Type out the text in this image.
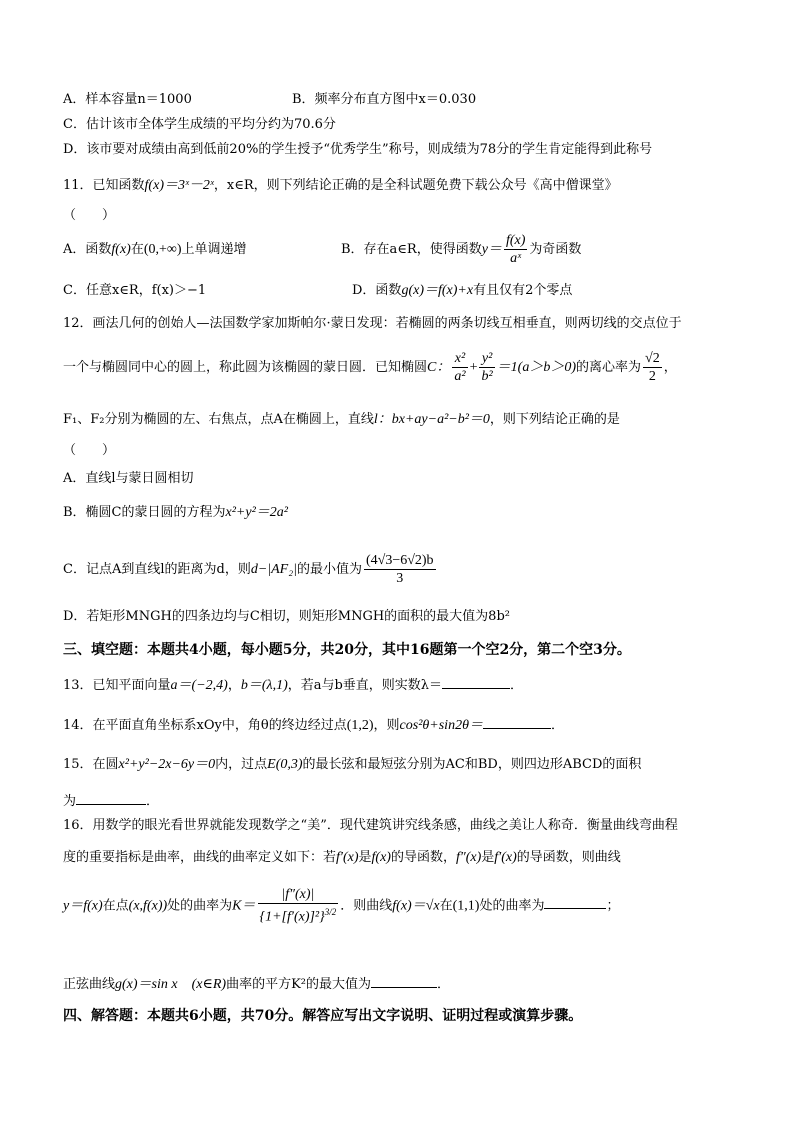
A．样本容量n＝1000	B．频率分布直方图中x＝0.030
C．估计该市全体学生成绩的平均分约为70.6分
D．该市要对成绩由高到低前20%的学生授予“优秀学生”称号，则成绩为78分的学生肯定能得到此称号
11．已知函数f(x)＝3ˣ－2ˣ，x∈R，则下列结论正确的是全科试题免费下载公众号《高中僧课堂》
（　　）
A．函数f(x)在(0,+∞)上单调递增	B．存在a∈R，使得函数$y= \frac{f(x)}{\text{aˣ}}$ 为奇函数
C．任意x∈R，f(x)＞−1	D．函数g(x)＝f(x)+x有且仅有2个零点
12．画法几何的创始人—法国数学家加斯帕尔·蒙日发现：若椭圆的两条切线互相垂直，则两切线的交点位于
一个与椭圆同中心的圆上，称此圆为该椭圆的蒙日圆．已知椭圆C： $\frac{\text{x²}}{\text{a²}} + \frac{\text{y²}}{\text{b²}} =1(a>b>0)$的离心率为 $\frac{√2}{2}$ ，
F₁、F₂分别为椭圆的左、右焦点，点A在椭圆上，直线l：bx+ay−a²−b²＝0，则下列结论正确的是
（　　）
A．直线l与蒙日圆相切
B．椭圆C的蒙日圆的方程为x²+y²＝2a²
C．记点A到直线l的距离为d，则d−|AF₂|的最小值为 $\frac{(4√3-6√2)b}{3}$
D．若矩形MNGH的四条边均与C相切，则矩形MNGH的面积的最大值为8b²
三、填空题：本题共4小题，每小题5分，共20分，其中16题第一个空2分，第二个空3分。
13．已知平面向量a＝(−2,4)，b＝(λ,1)，若a与b垂直，则实数λ＝	．
14．在平面直角坐标系xOy中，角θ的终边经过点(1,2)，则cos²θ+sin2θ＝	．
15．在圆x²+y²−2x−6y＝0内，过点E(0,3)的最长弦和最短弦分别为AC和BD，则四边形ABCD的面积
为	．
16．用数学的眼光看世界就能发现数学之“美”．现代建筑讲究线条感，曲线之美让人称奇．衡量曲线弯曲程
度的重要指标是曲率，曲线的曲率定义如下：若f′(x)是f(x)的导函数，f″(x)是f′(x)的导函数，则曲线
y＝f(x)在点(x,f(x))处的曲率为$K= \frac{|f''(x)|}{\{1+[f'(x)]^2\}^{3/2}}$ ．则曲线f(x)＝√x在(1,1)处的曲率为	；
正弦曲线g(x)＝sin x　(x∈R)曲率的平方K²的最大值为	．
四、解答题：本题共6小题，共70分。解答应写出文字说明、证明过程或演算步骤。
